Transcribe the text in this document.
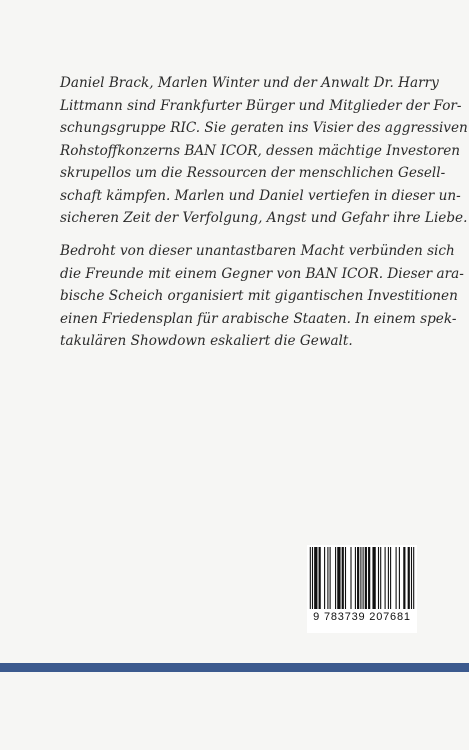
Daniel Brack, Marlen Winter und der Anwalt Dr. Harry
Littmann sind Frankfurter Bürger und Mitglieder der For-
schungsgruppe RIC. Sie geraten ins Visier des aggressiven
Rohstoffkonzerns BAN ICOR, dessen mächtige Investoren
skrupellos um die Ressourcen der menschlichen Gesell-
schaft kämpfen. Marlen und Daniel vertiefen in dieser un-
sicheren Zeit der Verfolgung, Angst und Gefahr ihre Liebe.

Bedroht von dieser unantastbaren Macht verbünden sich
die Freunde mit einem Gegner von BAN ICOR. Dieser ara-
bische Scheich organisiert mit gigantischen Investitionen
einen Friedensplan für arabische Staaten. In einem spek-
takulären Showdown eskaliert die Gewalt.

9 783739 207681
